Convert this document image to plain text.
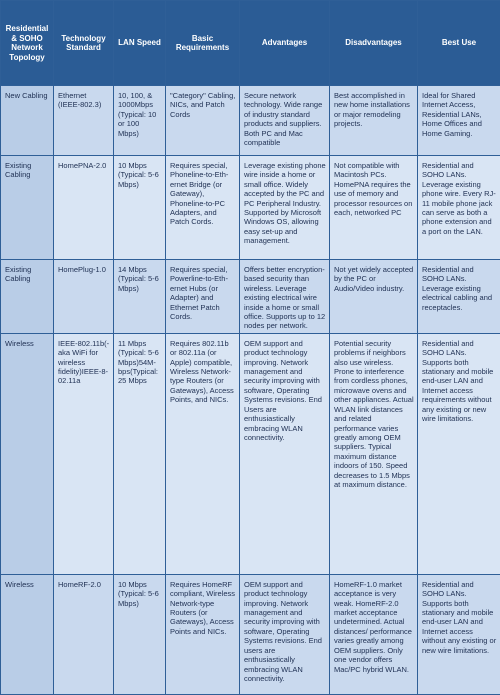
Residential & SOHO Network Topology	Technology Standard	LAN Speed	Basic Requirements	Advantages	Disadvantages	Best Use
New Cabling	Ethernet (IEEE-802.3)	10, 100, & 1000Mbps (Typical: 10 or 100 Mbps)	"Category" Cabling, NICs, and Patch Cords	Secure network technology. Wide range of industry standard products and suppliers. Both PC and Mac compatible	Best accomplished in new home installations or major remodeling projects.	Ideal for Shared Internet Access, Residential LANs, Home Offices and Home Gaming.
Existing Cabling	HomePNA-2.0	10 Mbps (Typical: 5-6 Mbps)	Requires special, Phoneline-to-Eth-ernet Bridge (or Gateway), Phoneline-to-PC Adapters, and Patch Cords.	Leverage existing phone wire inside a home or small office. Widely accepted by the PC and PC Peripheral Industry. Supported by Microsoft Windows OS, allowing easy set-up and management.	Not compatible with Macintosh PCs. HomePNA requires the use of memory and processor resources on each, networked PC	Residential and SOHO LANs. Leverage existing phone wire. Every RJ-11 mobile phone jack can serve as both a phone extension and a port on the LAN.
Existing Cabling	HomePlug-1.0	14 Mbps (Typical: 5-6 Mbps)	Requires special, Powerline-to-Eth-ernet Hubs (or Adapter) and Ethernet Patch Cords.	Offers better encryption-based security than wireless. Leverage existing electrical wire inside a home or small office. Supports up to 12 nodes per network.	Not yet widely accepted by the PC or Audio/Video industry.	Residential and SOHO LANs. Leverage existing electrical cabling and receptacles.
Wireless	IEEE-802.11b(-aka WiFi for wireless fidelity)IEEE-8-02.11a	11 Mbps (Typical: 5-6 Mbps)54M-bps(Typical: 25 Mbps	Requires 802.11b or 802.11a (or Apple) compatible, Wireless Network-type Routers (or Gateways), Access Points, and NICs.	OEM support and product technology improving. Network management and security improving with software, Operating Systems revisions. End Users are enthusiastically embracing WLAN connectivity.	Potential security problems if neighbors also use wireless. Prone to interference from cordless phones, microwave ovens and other appliances. Actual WLAN link distances and related performance varies greatly among OEM suppliers. Typical maximum distance indoors of 150. Speed decreases to 1.5 Mbps at maximum distance.	Residential and SOHO LANs. Supports both stationary and mobile end-user LAN and Internet access requirements without any existing or new wire limitations.
Wireless	HomeRF-2.0	10 Mbps (Typical: 5-6 Mbps)	Requires HomeRF compliant, Wireless Network-type Routers (or Gateways), Access Points and NICs.	OEM support and product technology improving. Network management and security improving with software, Operating Systems revisions. End users are enthusiastically embracing WLAN connectivity.	HomeRF-1.0 market acceptance is very weak. HomeRF-2.0 market acceptance undetermined. Actual distances/ performance varies greatly among OEM suppliers. Only one vendor offers Mac/PC hybrid WLAN.	Residential and SOHO LANs. Supports both stationary and mobile end-user LAN and Internet access without any existing or new wire limitations.
